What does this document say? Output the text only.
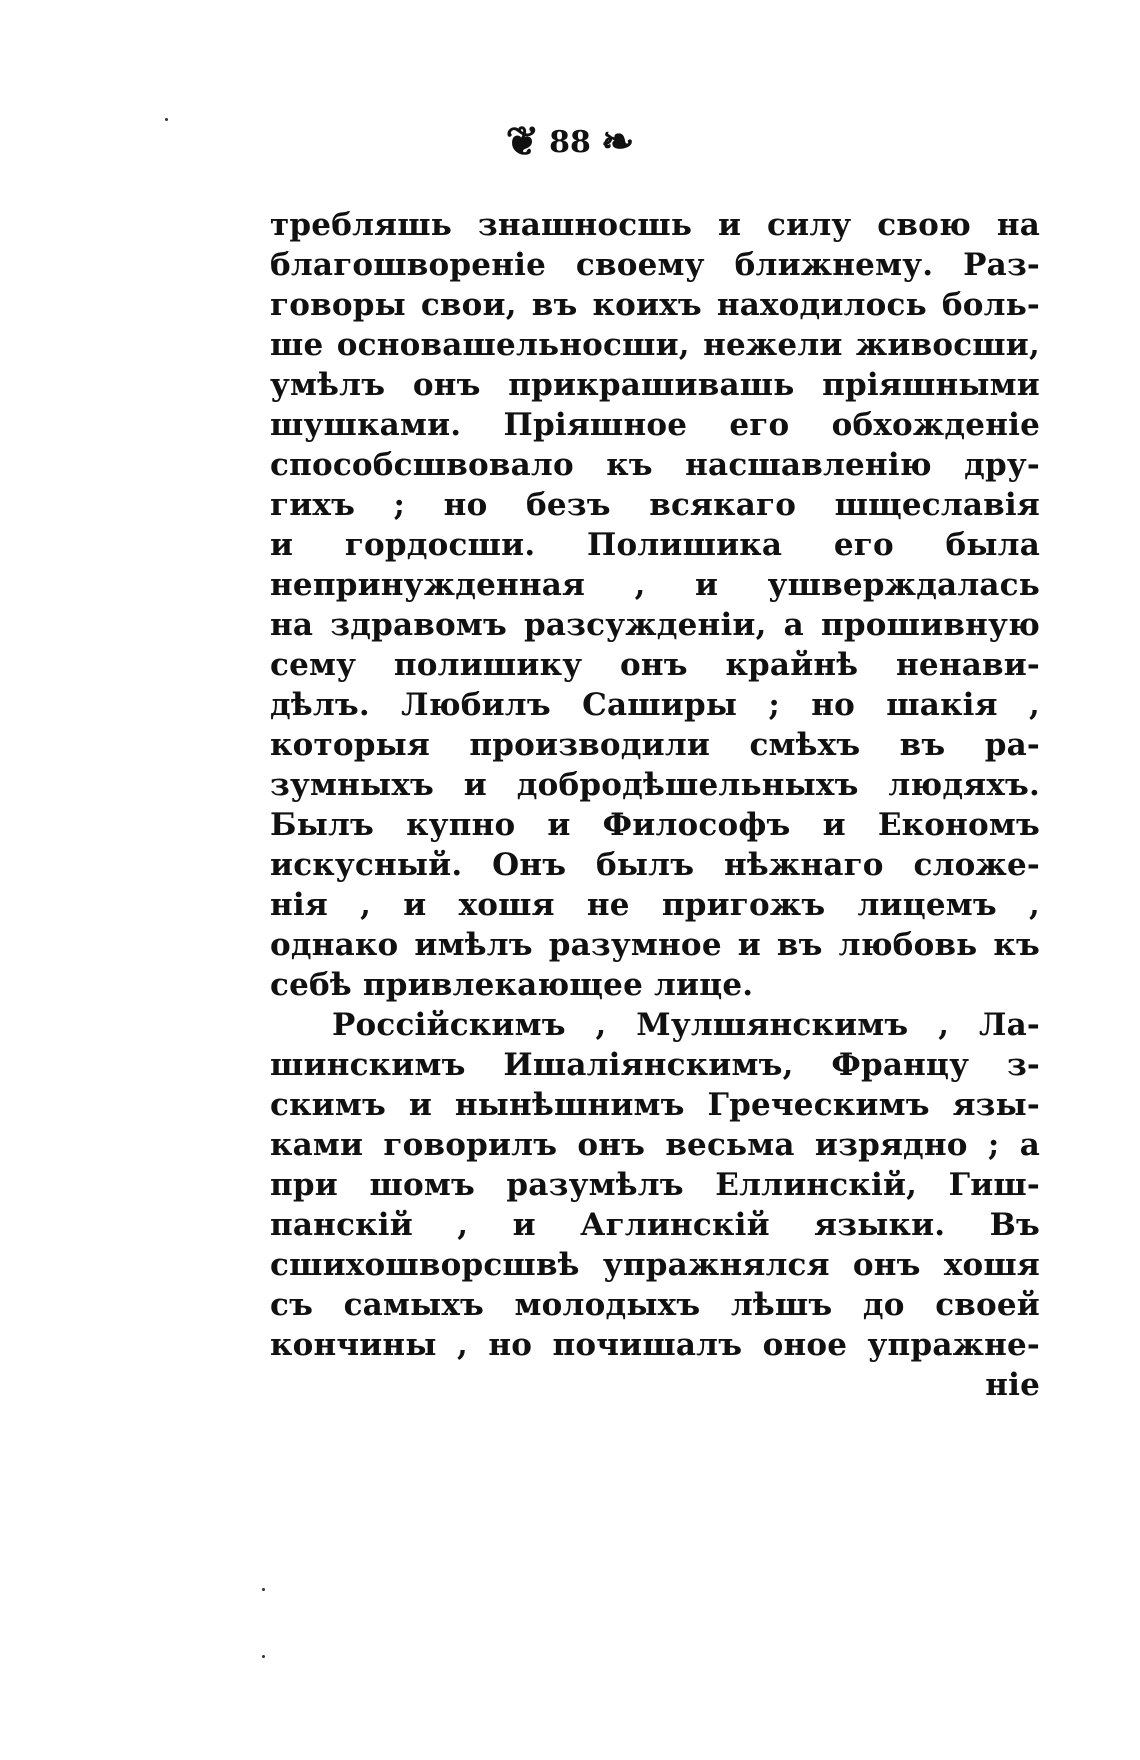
❦ 88 ❧
требляшь знашносшь и силу свою на
благошвореніе своему ближнему. Раз-
говоры свои, въ коихъ находилось боль-
ше основашельносши, нежели живосши,
умѣлъ онъ прикрашивашь пріяшными
шушками. Пріяшное его обхожденіе
способсшвовало къ насшавленію дру-
гихъ ; но безъ всякаго шщеславія
и гордосши. Полишика его была
непринужденная , и ушверждалась
на здравомъ разсужденіи, а прошивную
сему полишику онъ крайнѣ ненави-
дѣлъ. Любилъ Саширы ; но шакія ,
которыя производили смѣхъ въ ра-
зумныхъ и добродѣшельныхъ людяхъ.
Былъ купно и Философъ и Економъ
искусный. Онъ былъ нѣжнаго сложе-
нія , и хошя не пригожъ лицемъ ,
однако имѣлъ разумное и въ любовь къ
себѣ привлекающее лице.
Россійскимъ , Мулшянскимъ , Ла-
шинскимъ Ишаліянскимъ, Францу з-
скимъ и нынѣшнимъ Греческимъ язы-
ками говорилъ онъ весьма изрядно ; а
при шомъ разумѣлъ Еллинскій, Гиш-
панскій , и Аглинскій языки. Въ
сшихошворсшвѣ упражнялся онъ хошя
съ самыхъ молодыхъ лѣшъ до своей
кончины , но почишалъ оное упражне-
ніе
